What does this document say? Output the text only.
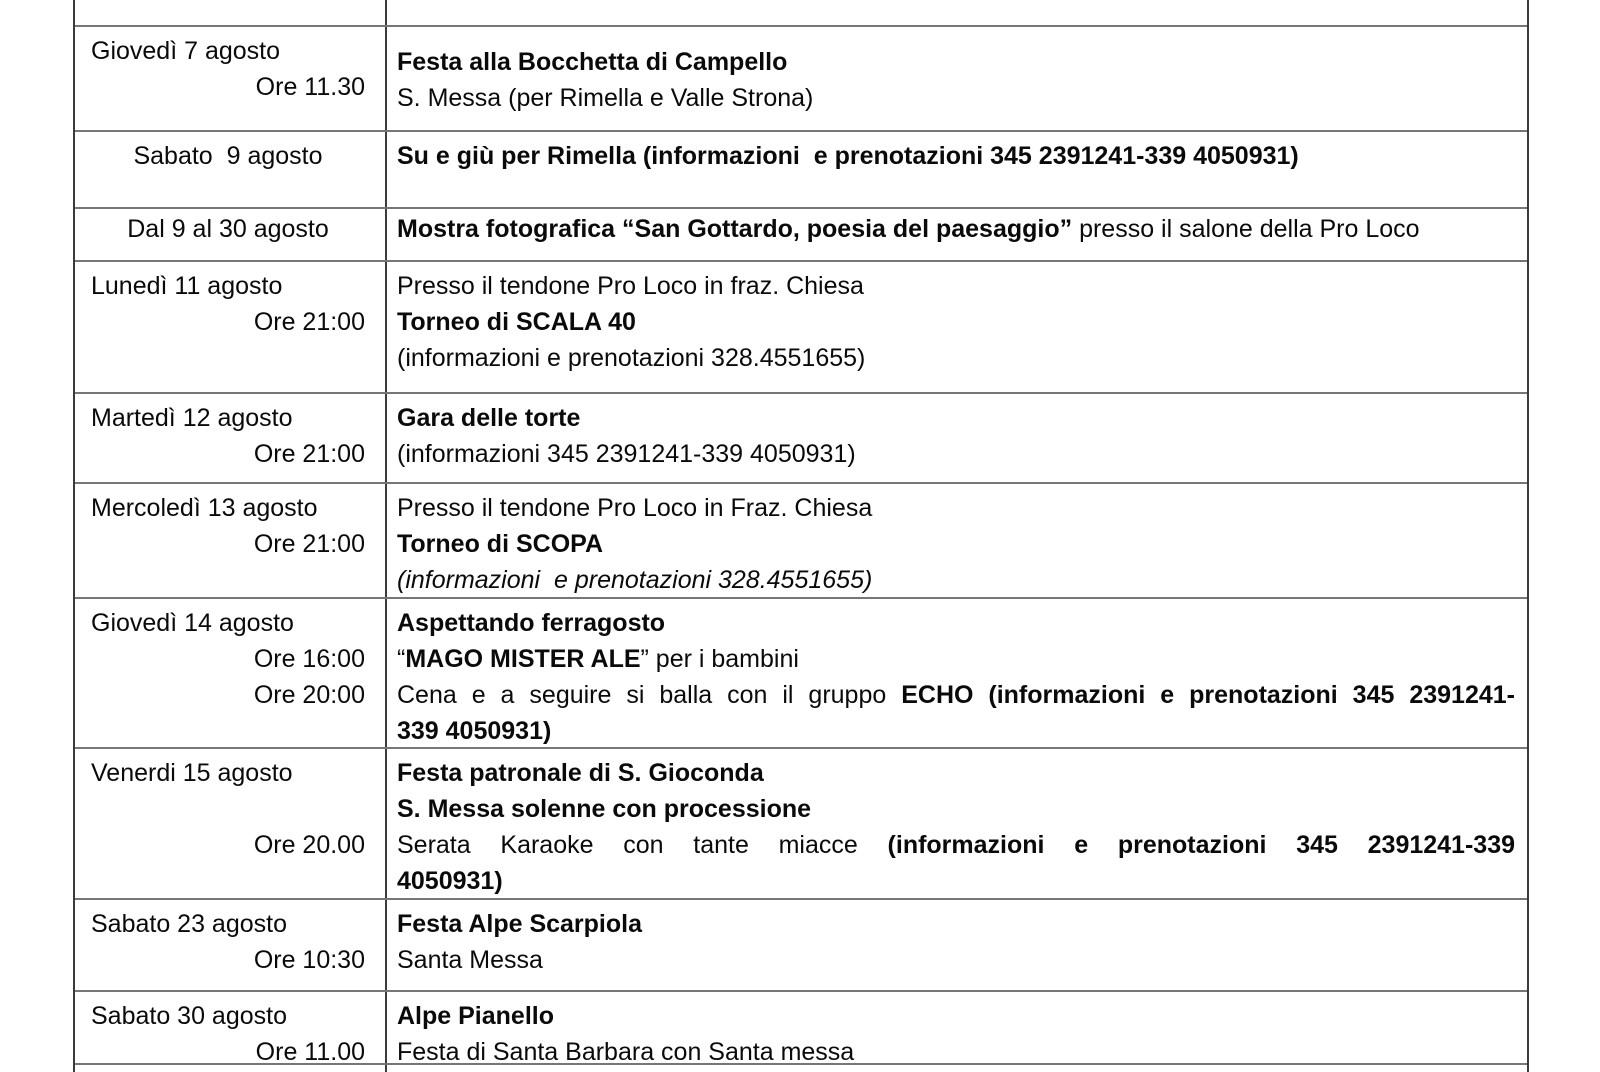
Giovedì 7 agosto
Ore 11.30
Festa alla Bocchetta di Campello
S. Messa (per Rimella e Valle Strona)
Sabato  9 agosto	Su e giù per Rimella (informazioni  e prenotazioni 345 2391241-339 4050931)
Dal 9 al 30 agosto	Mostra fotografica “San Gottardo, poesia del paesaggio” presso il salone della Pro Loco
Lunedì 11 agosto
Ore 21:00
Presso il tendone Pro Loco in fraz. Chiesa
Torneo di SCALA 40
(informazioni e prenotazioni 328.4551655)
Martedì 12 agosto
Ore 21:00
Gara delle torte
(informazioni 345 2391241-339 4050931)
Mercoledì 13 agosto
Ore 21:00
Presso il tendone Pro Loco in Fraz. Chiesa
Torneo di SCOPA
(informazioni  e prenotazioni 328.4551655)
Giovedì 14 agosto
Ore 16:00
Ore 20:00
Aspettando ferragosto
“MAGO MISTER ALE” per i bambini
Cena e a seguire si balla con il gruppo ECHO (informazioni e prenotazioni 345 2391241-
339 4050931)
Venerdi 15 agosto
Ore 20.00
Festa patronale di S. Gioconda
S. Messa solenne con processione
Serata Karaoke con tante miacce (informazioni e prenotazioni 345 2391241-339
4050931)
Sabato 23 agosto
Ore 10:30
Festa Alpe Scarpiola
Santa Messa
Sabato 30 agosto
Ore 11.00
Alpe Pianello
Festa di Santa Barbara con Santa messa
